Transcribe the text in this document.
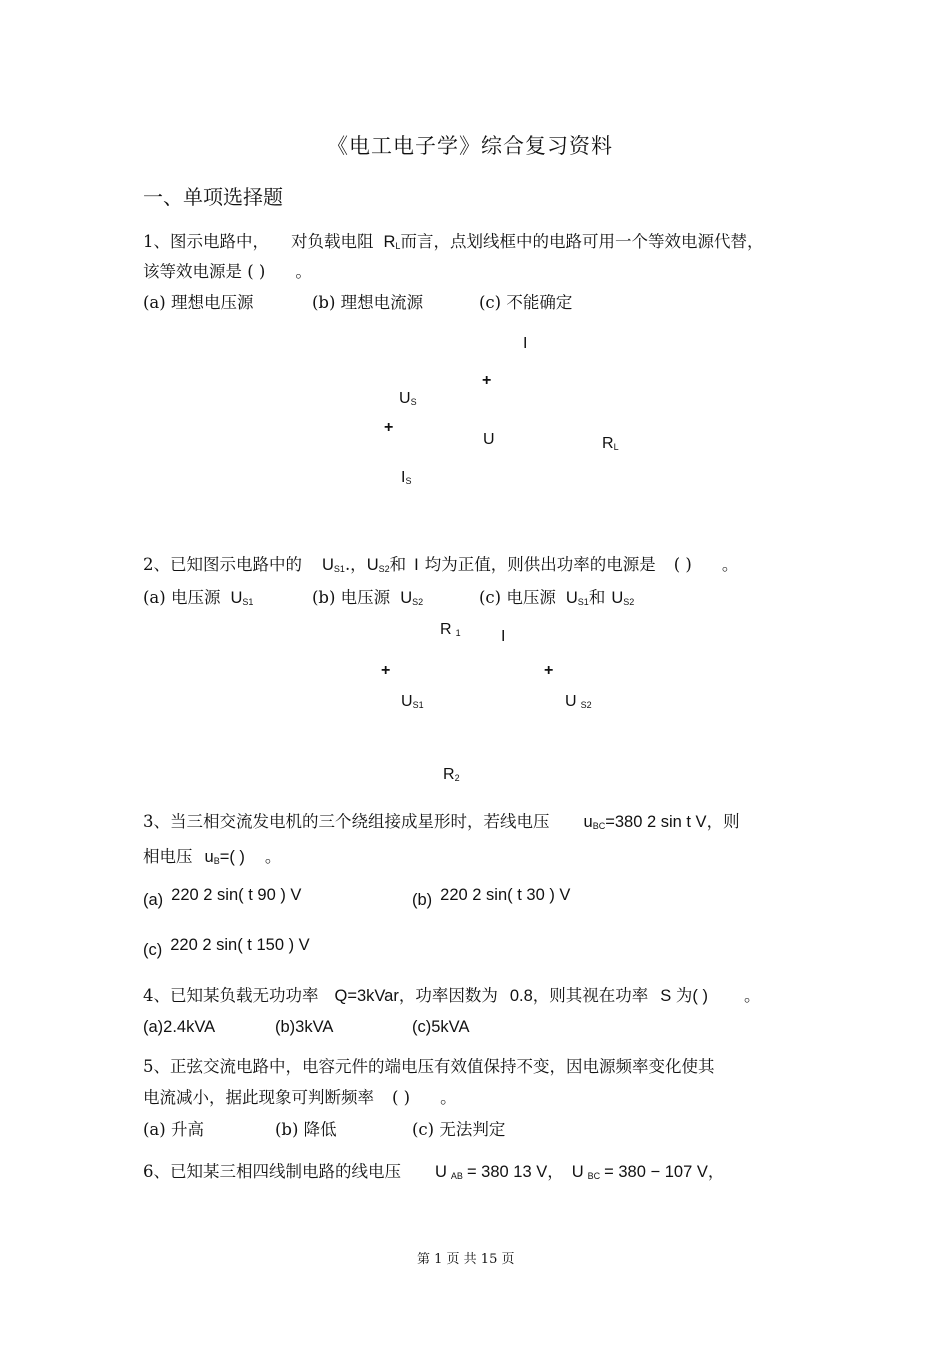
《电工电子学》综合复习资料
一、单项选择题
1、图示电路中， 对负载电阻 $R_L$而言，点划线框中的电路可用一个等效电源代替，
该等效电源是 ( ) 。
(a) 理想电压源	(b) 理想电流源	(c) 不能确定
I
+
$U_S$
+
U	$R_L$
$I_S$
2、已知图示电路中的 $U_{S1}$.，$U_{S2}$和 I 均为正值，则供出功率的电源是 ( ) 。
(a) 电压源 $U_{S1}$	(b) 电压源 $U_{S2}$	(c) 电压源 $U_{S1}$和 $U_{S2}$
R $_1$	I
+	+
$U_{S1}$	U $_{S2}$
$R_2$
3、当三相交流发电机的三个绕组接成星形时，若线电压 $u_{BC}=380$ 2 sin t V，则
相电压 $u_B=$( ) 。
(a) 220 2 sin( t 90 ) V	(b) 220 2 sin( t 30 ) V
(c) 220 2 sin( t 150 ) V
4、已知某负载无功功率 Q=3kVar，功率因数为 0.8，则其视在功率 S 为( ) 。
(a)2.4kVA	(b)3kVA	(c)5kVA
5、正弦交流电路中，电容元件的端电压有效值保持不变，因电源频率变化使其
电流减小，据此现象可判断频率 ( ) 。
(a) 升高	(b) 降低	(c) 无法判定
6、已知某三相四线制电路的线电压 U $_{AB}$ = 380 13 V， U $_{BC}$ = 380 − 107 V，
第 1 页 共 15 页
